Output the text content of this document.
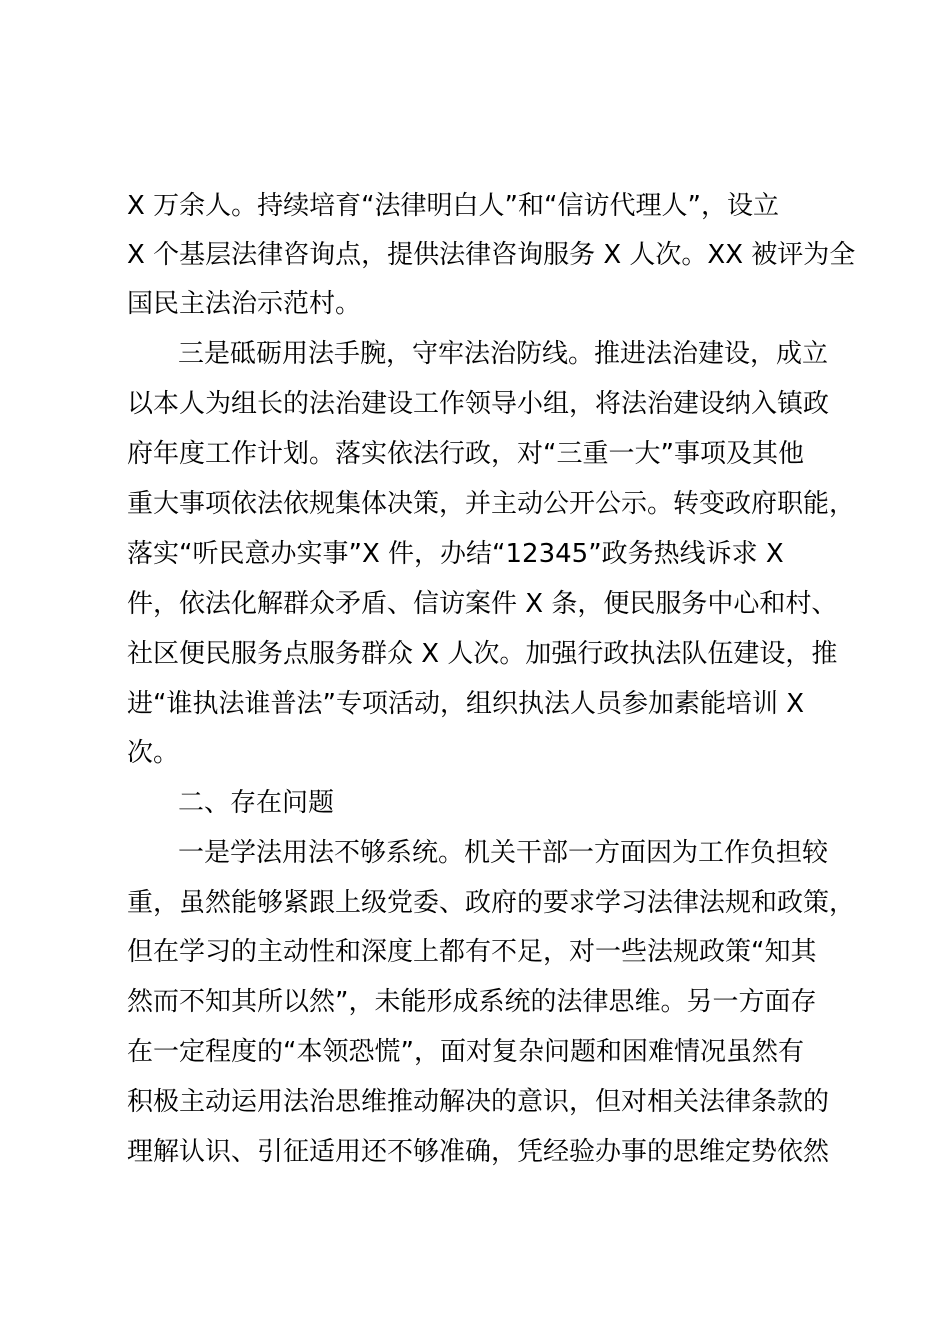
X 万余人。持续培育“法律明白人”和“信访代理人”，设立
X 个基层法律咨询点，提供法律咨询服务 X 人次。XX 被评为全
国民主法治示范村。
三是砥砺用法手腕，守牢法治防线。推进法治建设，成立
以本人为组长的法治建设工作领导小组，将法治建设纳入镇政
府年度工作计划。落实依法行政，对“三重一大”事项及其他
重大事项依法依规集体决策，并主动公开公示。转变政府职能，
落实“听民意办实事”X 件，办结“12345”政务热线诉求 X
件，依法化解群众矛盾、信访案件 X 条，便民服务中心和村、
社区便民服务点服务群众 X 人次。加强行政执法队伍建设，推
进“谁执法谁普法”专项活动，组织执法人员参加素能培训 X
次。
二、存在问题
一是学法用法不够系统。机关干部一方面因为工作负担较
重，虽然能够紧跟上级党委、政府的要求学习法律法规和政策，
但在学习的主动性和深度上都有不足，对一些法规政策“知其
然而不知其所以然”，未能形成系统的法律思维。另一方面存
在一定程度的“本领恐慌”，面对复杂问题和困难情况虽然有
积极主动运用法治思维推动解决的意识，但对相关法律条款的
理解认识、引征适用还不够准确，凭经验办事的思维定势依然
